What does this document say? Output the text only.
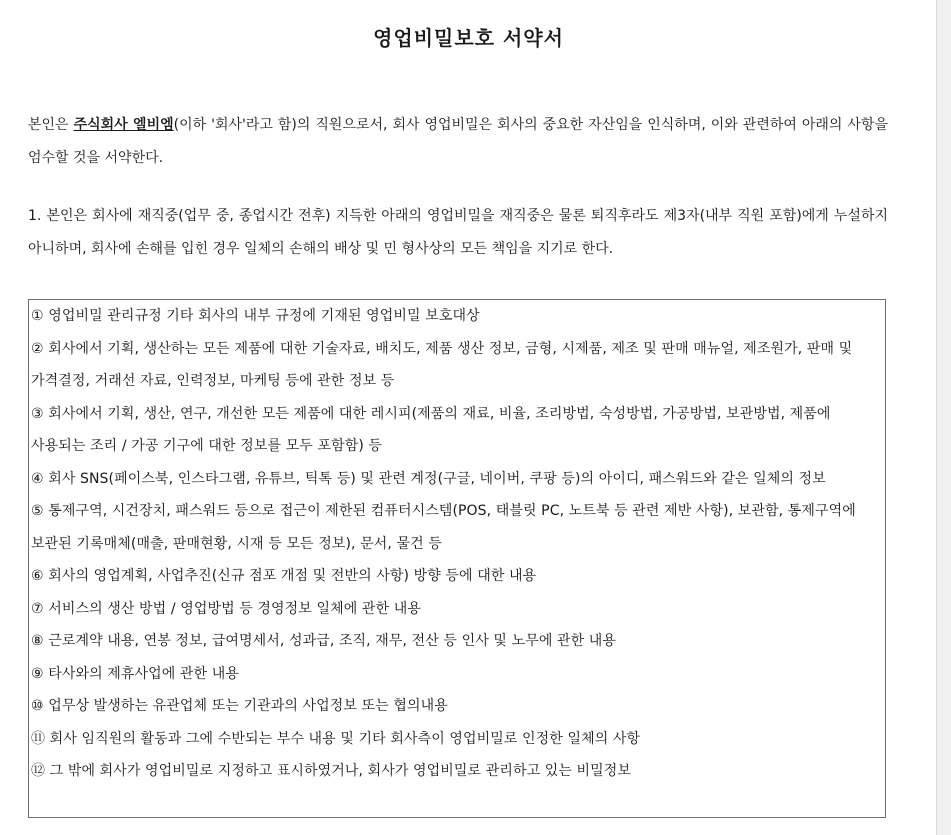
영업비밀보호 서약서
본인은 주식회사 엘비엠(이하 '회사'라고 함)의 직원으로서, 회사 영업비밀은 회사의 중요한 자산임을 인식하며, 이와 관련하여 아래의 사항을 엄수할 것을 서약한다.
1. 본인은 회사에 재직중(업무 중, 종업시간 전후) 지득한 아래의 영업비밀을 재직중은 물론 퇴직후라도 제3자(내부 직원 포함)에게 누설하지 아니하며, 회사에 손해를 입힌 경우 일체의 손해의 배상 및 민 형사상의 모든 책임을 지기로 한다.
① 영업비밀 관리규정 기타 회사의 내부 규정에 기재된 영업비밀 보호대상
② 회사에서 기획, 생산하는 모든 제품에 대한 기술자료, 배치도, 제품 생산 정보, 금형, 시제품, 제조 및 판매 매뉴얼, 제조원가, 판매 및 가격결정, 거래선 자료, 인력정보, 마케팅 등에 관한 정보 등
③ 회사에서 기획, 생산, 연구, 개선한 모든 제품에 대한 레시피(제품의 재료, 비율, 조리방법, 숙성방법, 가공방법, 보관방법, 제품에 사용되는 조리 / 가공 기구에 대한 정보를 모두 포함함) 등
④ 회사 SNS(페이스북, 인스타그램, 유튜브, 틱톡 등) 및 관련 계정(구글, 네이버, 쿠팡 등)의 아이디, 패스워드와 같은 일체의 정보
⑤ 통제구역, 시건장치, 패스워드 등으로 접근이 제한된 컴퓨터시스템(POS, 태블릿 PC, 노트북 등 관련 제반 사항), 보관함, 통제구역에 보관된 기록매체(매출, 판매현황, 시재 등 모든 정보), 문서, 물건 등
⑥ 회사의 영업계획, 사업추진(신규 점포 개점 및 전반의 사항) 방향 등에 대한 내용
⑦ 서비스의 생산 방법 / 영업방법 등 경영정보 일체에 관한 내용
⑧ 근로계약 내용, 연봉 정보, 급여명세서, 성과급, 조직, 재무, 전산 등 인사 및 노무에 관한 내용
⑨ 타사와의 제휴사업에 관한 내용
⑩ 업무상 발생하는 유관업체 또는 기관과의 사업정보 또는 협의내용
⑪ 회사 임직원의 활동과 그에 수반되는 부수 내용 및 기타 회사측이 영업비밀로 인정한 일체의 사항
⑫ 그 밖에 회사가 영업비밀로 지정하고 표시하였거나, 회사가 영업비밀로 관리하고 있는 비밀정보
